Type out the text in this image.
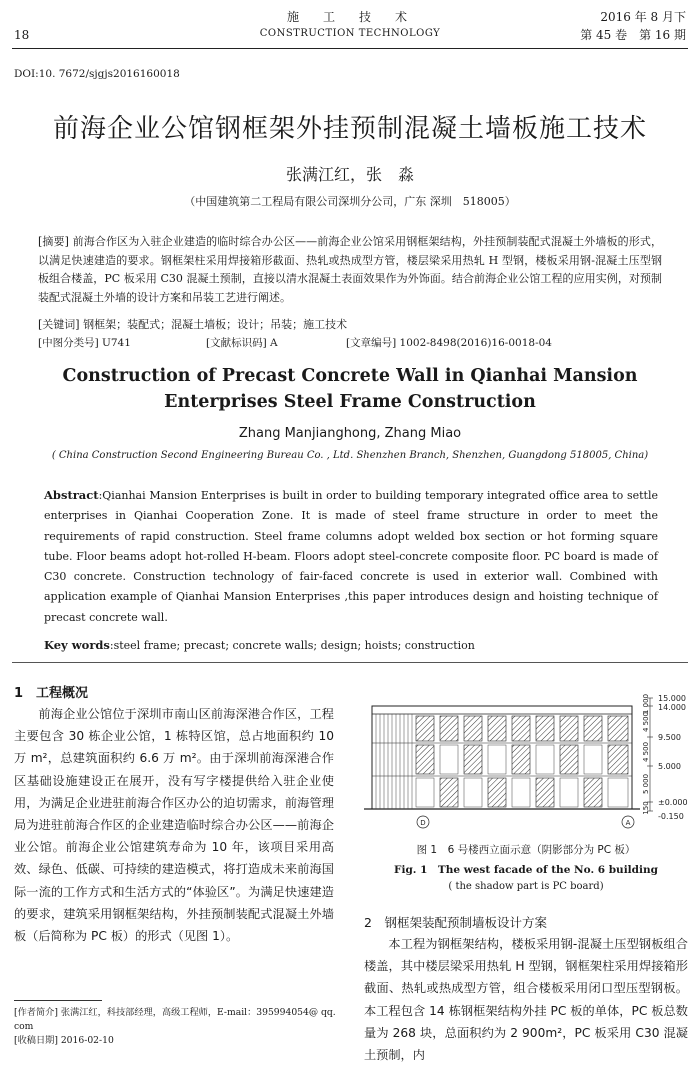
18
施　工　技　术
CONSTRUCTION TECHNOLOGY
2016 年 8 月下
第 45 卷　第 16 期
DOI:10. 7672/sjgjs2016160018
前海企业公馆钢框架外挂预制混凝土墙板施工技术
张满江红，张　淼
（中国建筑第二工程局有限公司深圳分公司，广东 深圳　518005）
[摘要] 前海合作区为入驻企业建造的临时综合办公区——前海企业公馆采用钢框架结构，外挂预制装配式混凝土外墙板的形式，以满足快速建造的要求。钢框架柱采用焊接箱形截面、热轧或热成型方管，楼层梁采用热轧 H 型钢，楼板采用钢-混凝土压型钢板组合楼盖，PC 板采用 C30 混凝土预制，直接以清水混凝土表面效果作为外饰面。结合前海企业公馆工程的应用实例，对预制装配式混凝土外墙的设计方案和吊装工艺进行阐述。
[关键词] 钢框架；装配式；混凝土墙板；设计；吊装；施工技术
[中图分类号] U741	[文献标识码] A	[文章编号] 1002-8498(2016)16-0018-04
Construction of Precast Concrete Wall in Qianhai Mansion
Enterprises Steel Frame Construction
Zhang Manjianghong, Zhang Miao
( China Construction Second Engineering Bureau Co. , Ltd. Shenzhen Branch, Shenzhen, Guangdong 518005, China)
Abstract:Qianhai Mansion Enterprises is built in order to building temporary integrated office area to settle enterprises in Qianhai Cooperation Zone. It is made of steel frame structure in order to meet the requirements of rapid construction. Steel frame columns adopt welded box section or hot forming square tube. Floor beams adopt hot-rolled H-beam. Floors adopt steel-concrete composite floor. PC board is made of C30 concrete. Construction technology of fair-faced concrete is used in exterior wall. Combined with application example of Qianhai Mansion Enterprises ,this paper introduces design and hoisting technique of precast concrete wall.
Key words:steel frame; precast; concrete walls; design; hoists; construction
1　工程概况
前海企业公馆位于深圳市南山区前海深港合作区，工程主要包含 30 栋企业公馆，1 栋特区馆，总占地面积约 10 万 m²，总建筑面积约 6.6 万 m²。由于深圳前海深港合作区基础设施建设正在展开，没有写字楼提供给入驻企业使用，为满足企业进驻前海合作区办公的迫切需求，前海管理局为进驻前海合作区的企业建造临时综合办公区——前海企业公馆。前海企业公馆建筑寿命为 10 年，该项目采用高效、绿色、低碳、可持续的建造模式，将打造成未来前海国际一流的工作方式和生活方式的“体验区”。为满足快速建造的要求，建筑采用钢框架结构，外挂预制装配式混凝土外墙板（后简称为 PC 板）的形式（见图 1）。
[作者简介] 张满江红，科技部经理，高级工程师，E-mail：395994054@ qq. com
[收稿日期] 2016-02-10
1 000
4 500
4 500
5 000
150
15.000
14.000
9.500
5.000
±0.000
-0.150
D	A
图 1　6 号楼西立面示意（阴影部分为 PC 板）
Fig. 1　The west facade of the No. 6 building
( the shadow part is PC board)
2　钢框架装配预制墙板设计方案
本工程为钢框架结构，楼板采用钢-混凝土压型钢板组合楼盖，其中楼层梁采用热轧 H 型钢，钢框架柱采用焊接箱形截面、热轧或热成型方管，组合楼板采用闭口型压型钢板。本工程包含 14 栋钢框架结构外挂 PC 板的单体，PC 板总数量为 268 块，总面积约为 2 900m²，PC 板采用 C30 混凝土预制，内
